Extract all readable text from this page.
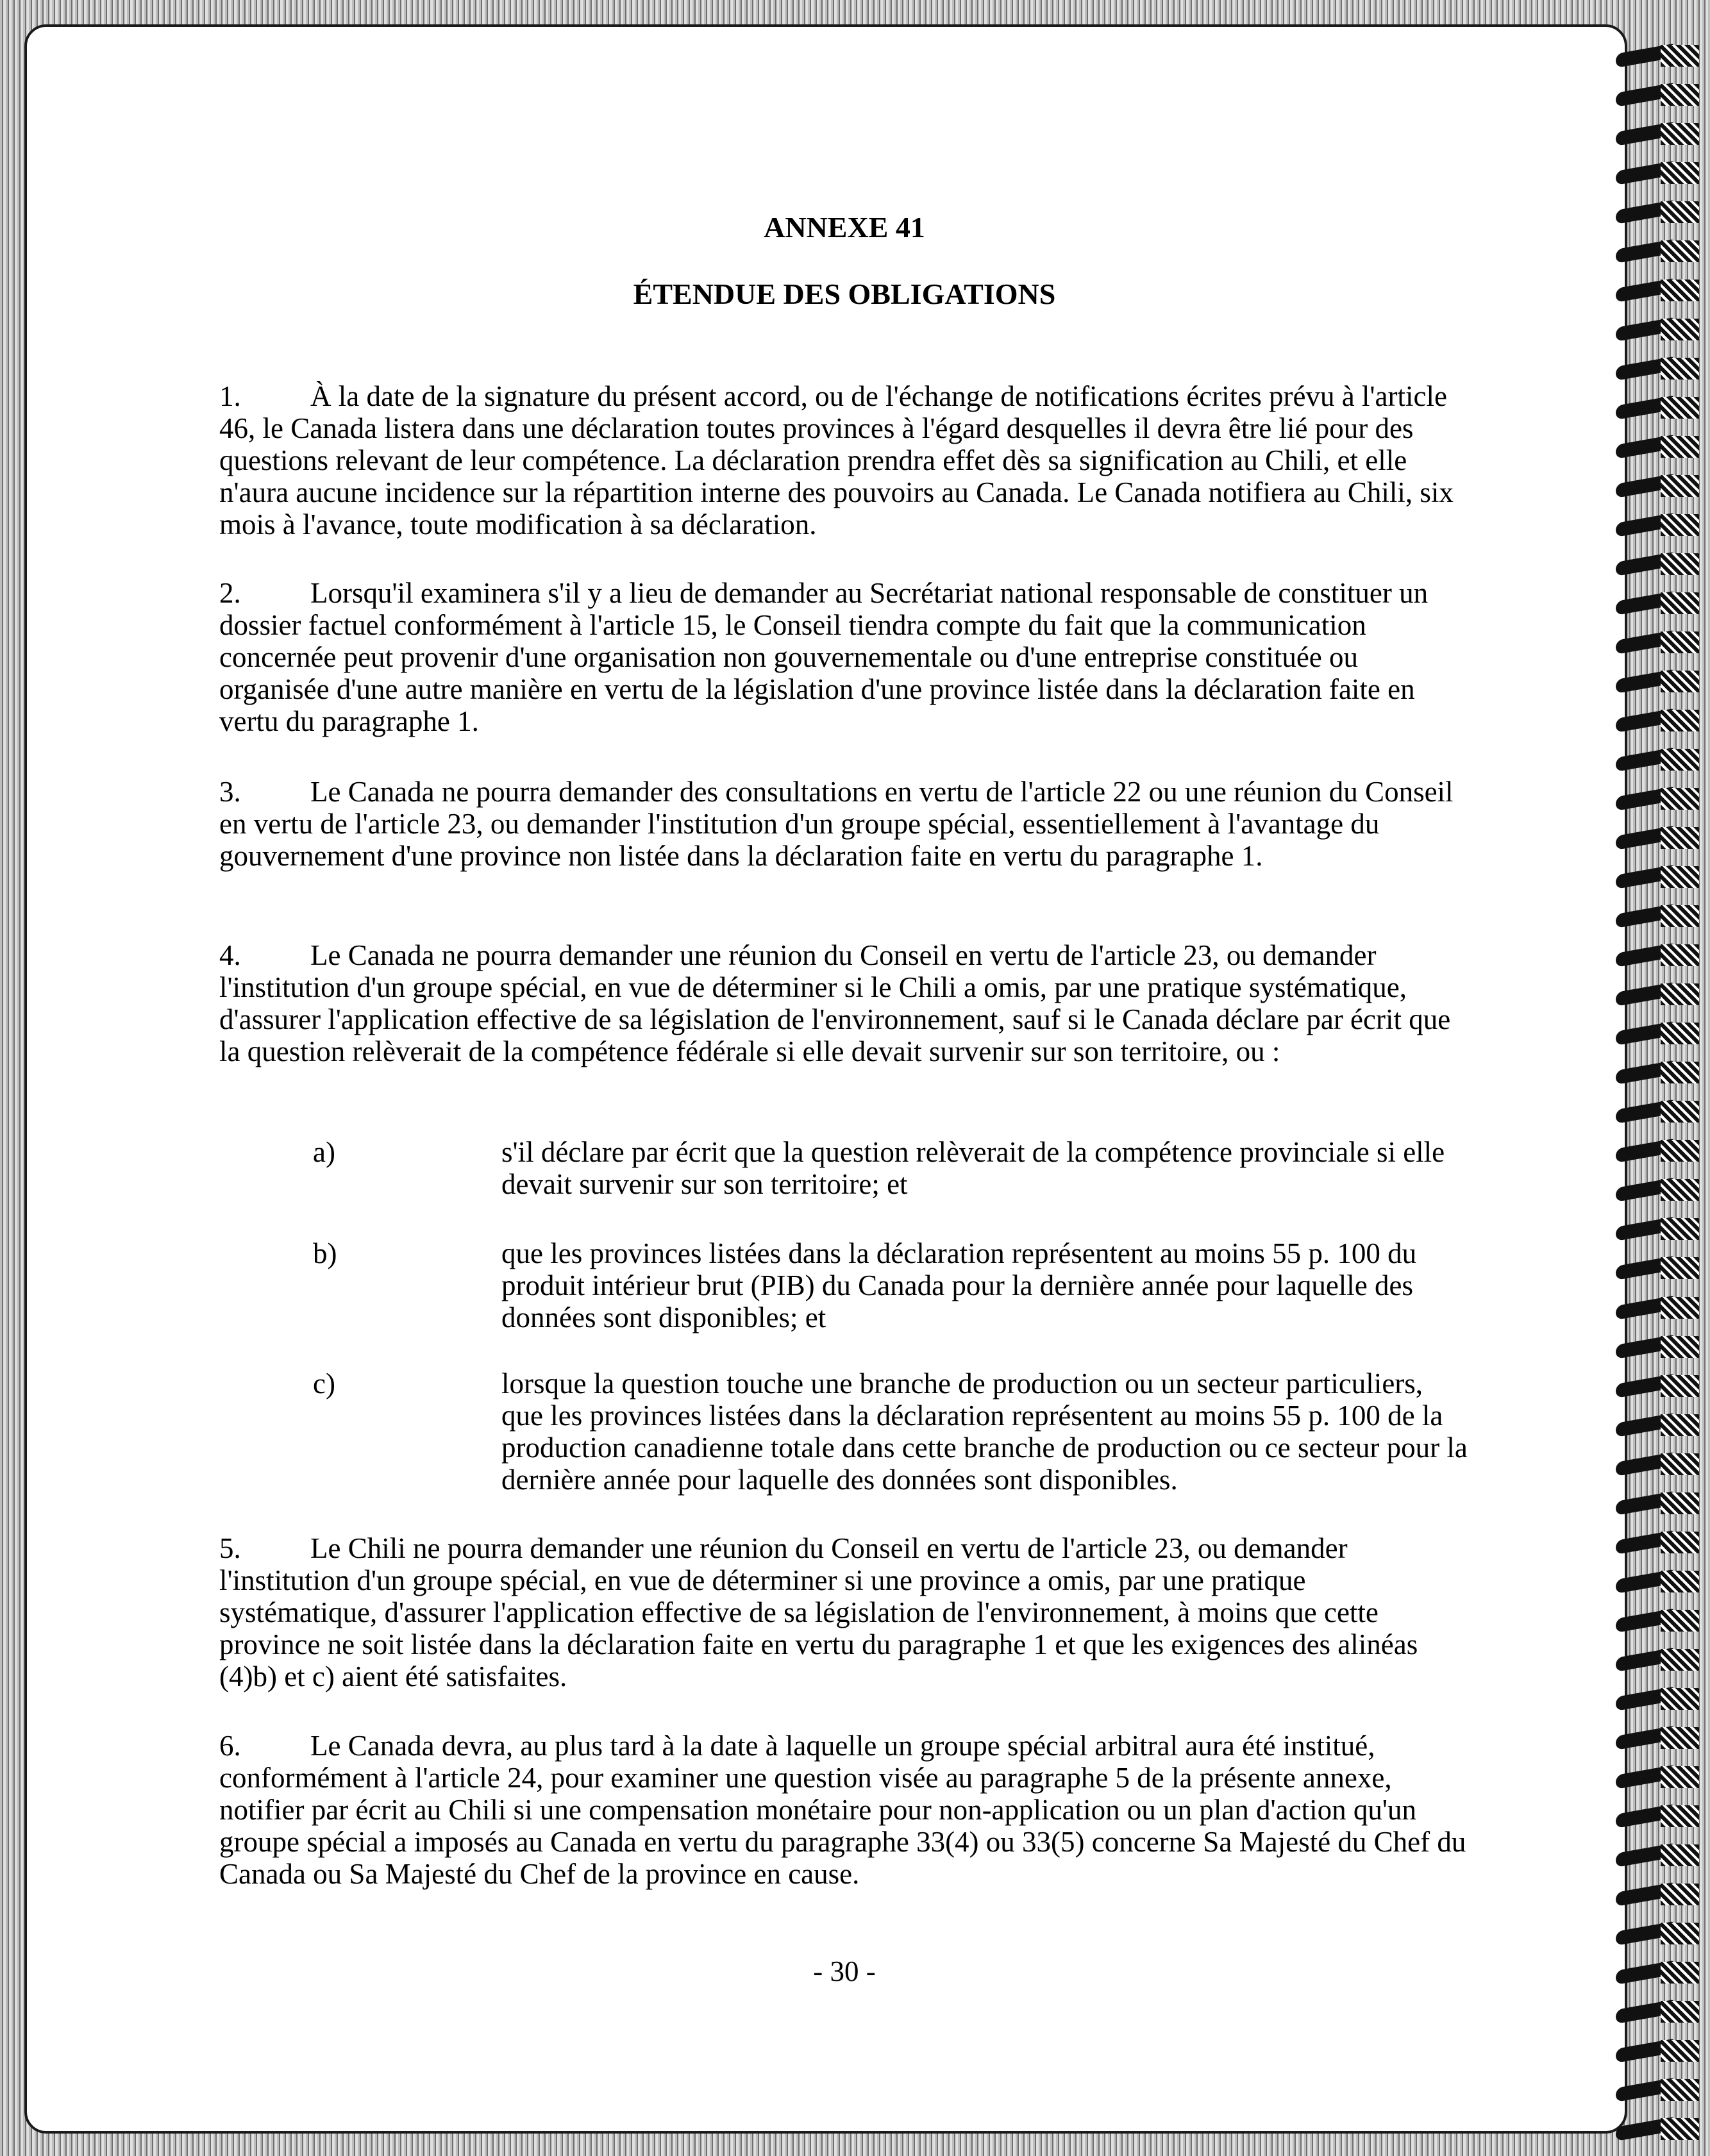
ANNEXE 41
ÉTENDUE DES OBLIGATIONS

1. À la date de la signature du présent accord, ou de l'échange de notifications écrites prévu à l'article 46, le Canada listera dans une déclaration toutes provinces à l'égard desquelles il devra être lié pour des questions relevant de leur compétence. La déclaration prendra effet dès sa signification au Chili, et elle n'aura aucune incidence sur la répartition interne des pouvoirs au Canada. Le Canada notifiera au Chili, six mois à l'avance, toute modification à sa déclaration.

2. Lorsqu'il examinera s'il y a lieu de demander au Secrétariat national responsable de constituer un dossier factuel conformément à l'article 15, le Conseil tiendra compte du fait que la communication concernée peut provenir d'une organisation non gouvernementale ou d'une entreprise constituée ou organisée d'une autre manière en vertu de la législation d'une province listée dans la déclaration faite en vertu du paragraphe 1.

3. Le Canada ne pourra demander des consultations en vertu de l'article 22 ou une réunion du Conseil en vertu de l'article 23, ou demander l'institution d'un groupe spécial, essentiellement à l'avantage du gouvernement d'une province non listée dans la déclaration faite en vertu du paragraphe 1.

4. Le Canada ne pourra demander une réunion du Conseil en vertu de l'article 23, ou demander l'institution d'un groupe spécial, en vue de déterminer si le Chili a omis, par une pratique systématique, d'assurer l'application effective de sa législation de l'environnement, sauf si le Canada déclare par écrit que la question relèverait de la compétence fédérale si elle devait survenir sur son territoire, ou :

a)	s'il déclare par écrit que la question relèverait de la compétence provinciale si elle devait survenir sur son territoire; et
b)	que les provinces listées dans la déclaration représentent au moins 55 p. 100 du produit intérieur brut (PIB) du Canada pour la dernière année pour laquelle des données sont disponibles; et
c)	lorsque la question touche une branche de production ou un secteur particuliers, que les provinces listées dans la déclaration représentent au moins 55 p. 100 de la production canadienne totale dans cette branche de production ou ce secteur pour la dernière année pour laquelle des données sont disponibles.

5. Le Chili ne pourra demander une réunion du Conseil en vertu de l'article 23, ou demander l'institution d'un groupe spécial, en vue de déterminer si une province a omis, par une pratique systématique, d'assurer l'application effective de sa législation de l'environnement, à moins que cette province ne soit listée dans la déclaration faite en vertu du paragraphe 1 et que les exigences des alinéas (4)b) et c) aient été satisfaites.

6. Le Canada devra, au plus tard à la date à laquelle un groupe spécial arbitral aura été institué, conformément à l'article 24, pour examiner une question visée au paragraphe 5 de la présente annexe, notifier par écrit au Chili si une compensation monétaire pour non-application ou un plan d'action qu'un groupe spécial a imposés au Canada en vertu du paragraphe 33(4) ou 33(5) concerne Sa Majesté du Chef du Canada ou Sa Majesté du Chef de la province en cause.

- 30 -
